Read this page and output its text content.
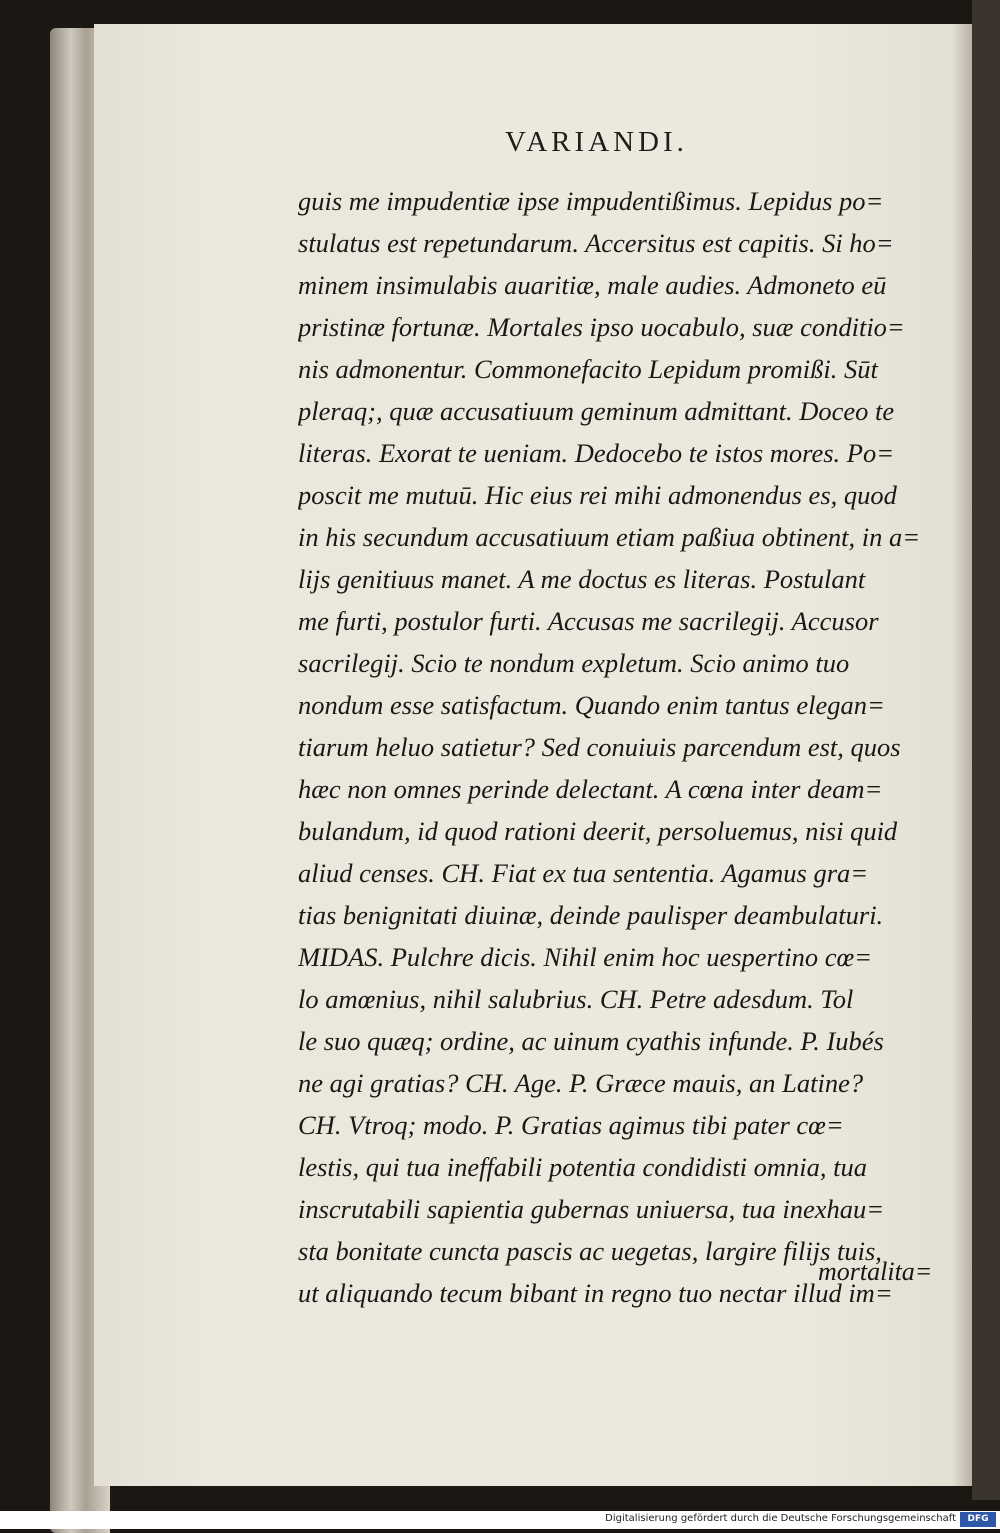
VARIANDI.
guis me impudentiæ ipse impudentißimus. Lepidus po=
stulatus est repetundarum. Accersitus est capitis. Si ho=
minem insimulabis auaritiæ, male audies. Admoneto eū
pristinæ fortunæ. Mortales ipso uocabulo, suæ conditio=
nis admonentur. Commonefacito Lepidum promißi. Sūt
pleraq;, quæ accusatiuum geminum admittant. Doceo te
literas. Exorat te ueniam. Dedocebo te istos mores. Po=
poscit me mutuū. Hic eius rei mihi admonendus es, quod
in his secundum accusatiuum etiam paßiua obtinent, in a=
lijs genitiuus manet. A me doctus es literas. Postulant
me furti, postulor furti. Accusas me sacrilegij. Accusor
sacrilegij. Scio te nondum expletum. Scio animo tuo
nondum esse satisfactum. Quando enim tantus elegan=
tiarum heluo satietur? Sed conuiuis parcendum est, quos
hæc non omnes perinde delectant. A cœna inter deam=
bulandum, id quod rationi deerit, persoluemus, nisi quid
aliud censes. CH. Fiat ex tua sententia. Agamus gra=
tias benignitati diuinæ, deinde paulisper deambulaturi.
MIDAS. Pulchre dicis. Nihil enim hoc uespertino cœ=
lo amœnius, nihil salubrius. CH. Petre adesdum. Tol
le suo quæq; ordine, ac uinum cyathis infunde. P. Iubés
ne agi gratias? CH. Age. P. Græce mauis, an Latine?
CH. Vtroq; modo. P. Gratias agimus tibi pater cœ=
lestis, qui tua ineffabili potentia condidisti omnia, tua
inscrutabili sapientia gubernas uniuersa, tua inexhau=
sta bonitate cuncta pascis ac uegetas, largire filijs tuis,
ut aliquando tecum bibant in regno tuo nectar illud im=
mortalita=
Digitalisierung gefördert durch die Deutsche Forschungsgemeinschaft	DFG
